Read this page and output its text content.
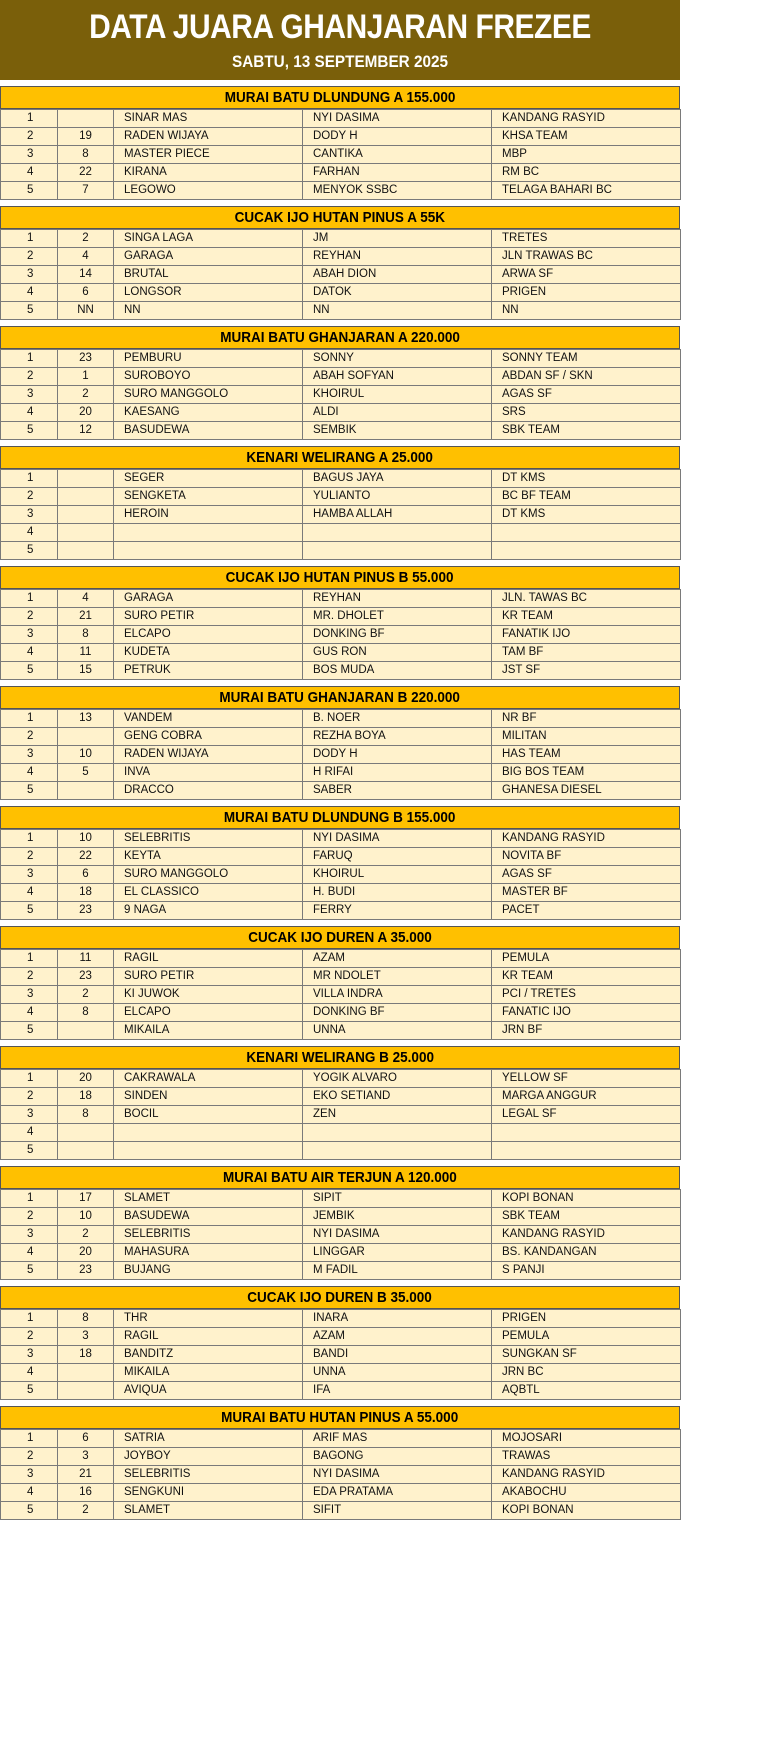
DATA JUARA GHANJARAN FREZEE
SABTU, 13 SEPTEMBER 2025
MURAI BATU DLUNDUNG A 155.000
1		SINAR MAS	NYI DASIMA	KANDANG RASYID
2	19	RADEN WIJAYA	DODY H	KHSA TEAM
3	8	MASTER PIECE	CANTIKA	MBP
4	22	KIRANA	FARHAN	RM BC
5	7	LEGOWO	MENYOK SSBC	TELAGA BAHARI BC
CUCAK IJO HUTAN PINUS A 55K
1	2	SINGA LAGA	JM	TRETES
2	4	GARAGA	REYHAN	JLN TRAWAS BC
3	14	BRUTAL	ABAH DION	ARWA SF
4	6	LONGSOR	DATOK	PRIGEN
5	NN	NN	NN	NN
MURAI BATU GHANJARAN A 220.000
1	23	PEMBURU	SONNY	SONNY TEAM
2	1	SUROBOYO	ABAH SOFYAN	ABDAN SF / SKN
3	2	SURO MANGGOLO	KHOIRUL	AGAS SF
4	20	KAESANG	ALDI	SRS
5	12	BASUDEWA	SEMBIK	SBK TEAM
KENARI WELIRANG A 25.000
1		SEGER	BAGUS JAYA	DT KMS
2		SENGKETA	YULIANTO	BC BF TEAM
3		HEROIN	HAMBA ALLAH	DT KMS
4				
5				
CUCAK IJO HUTAN PINUS B 55.000
1	4	GARAGA	REYHAN	JLN. TAWAS BC
2	21	SURO PETIR	MR. DHOLET	KR TEAM
3	8	ELCAPO	DONKING BF	FANATIK IJO
4	11	KUDETA	GUS RON	TAM BF
5	15	PETRUK	BOS MUDA	JST SF
MURAI BATU GHANJARAN B 220.000
1	13	VANDEM	B. NOER	NR BF
2		GENG COBRA	REZHA BOYA	MILITAN
3	10	RADEN WIJAYA	DODY H	HAS TEAM
4	5	INVA	H RIFAI	BIG BOS TEAM
5		DRACCO	SABER	GHANESA DIESEL
MURAI BATU DLUNDUNG B 155.000
1	10	SELEBRITIS	NYI DASIMA	KANDANG RASYID
2	22	KEYTA	FARUQ	NOVITA BF
3	6	SURO MANGGOLO	KHOIRUL	AGAS SF
4	18	EL CLASSICO	H. BUDI	MASTER BF
5	23	9 NAGA	FERRY	PACET
CUCAK IJO DUREN A 35.000
1	11	RAGIL	AZAM	PEMULA
2	23	SURO PETIR	MR NDOLET	KR TEAM
3	2	KI JUWOK	VILLA INDRA	PCI / TRETES
4	8	ELCAPO	DONKING BF	FANATIC IJO
5		MIKAILA	UNNA	JRN BF
KENARI WELIRANG B 25.000
1	20	CAKRAWALA	YOGIK ALVARO	YELLOW SF
2	18	SINDEN	EKO SETIAND	MARGA ANGGUR
3	8	BOCIL	ZEN	LEGAL SF
4				
5				
MURAI BATU AIR TERJUN A 120.000
1	17	SLAMET	SIPIT	KOPI BONAN
2	10	BASUDEWA	JEMBIK	SBK TEAM
3	2	SELEBRITIS	NYI DASIMA	KANDANG RASYID
4	20	MAHASURA	LINGGAR	BS. KANDANGAN
5	23	BUJANG	M FADIL	S PANJI
CUCAK IJO DUREN B 35.000
1	8	THR	INARA	PRIGEN
2	3	RAGIL	AZAM	PEMULA
3	18	BANDITZ	BANDI	SUNGKAN SF
4		MIKAILA	UNNA	JRN BC
5		AVIQUA	IFA	AQBTL
MURAI BATU HUTAN PINUS A 55.000
1	6	SATRIA	ARIF MAS	MOJOSARI
2	3	JOYBOY	BAGONG	TRAWAS
3	21	SELEBRITIS	NYI DASIMA	KANDANG RASYID
4	16	SENGKUNI	EDA PRATAMA	AKABOCHU
5	2	SLAMET	SIFIT	KOPI BONAN
